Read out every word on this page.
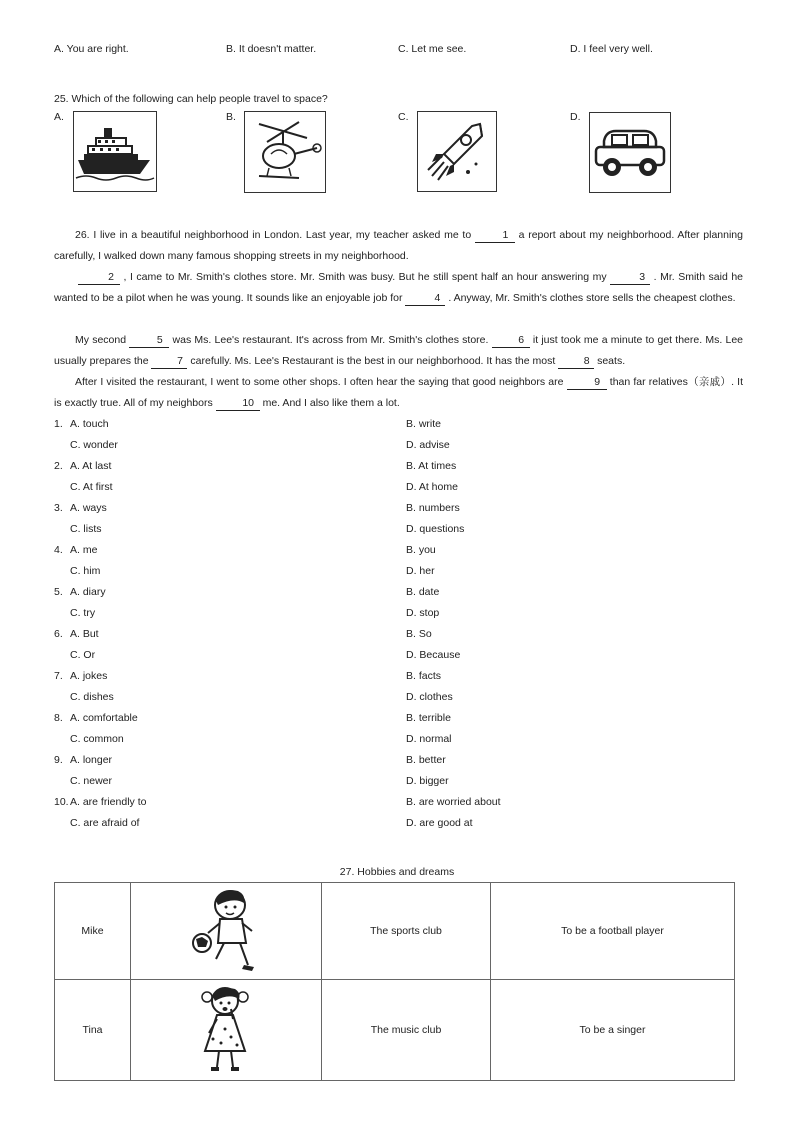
A. You are right.	B. It doesn't matter.	C. Let me see.	D. I feel very well.
25. Which of the following can help people travel to space?
A.	B.	C.	D.
26. I live in a beautiful neighborhood in London. Last year, my teacher asked me to	1 a report about my neighborhood. After planning carefully, I walked down many famous shopping streets in my neighborhood.
2 , I came to Mr. Smith's clothes store. Mr. Smith was busy. But he still spent half an hour answering my	3 . Mr. Smith said he wanted to be a pilot when he was young. It sounds like an enjoyable job for	4 . Anyway, Mr. Smith's clothes store sells the cheapest clothes.
My second	5 was Ms. Lee's restaurant. It's across from Mr. Smith's clothes store.	6 it just took me a minute to get there. Ms. Lee usually prepares the	7 carefully. Ms. Lee's Restaurant is the best in our neighborhood. It has the most	8 seats.
After I visited the restaurant, I went to some other shops. I often hear the saying that good neighbors are	9 than far relatives（亲戚）. It is exactly true. All of my neighbors	10 me. And I also like them a lot.
1. A. touch	B. write
C. wonder	D. advise
2. A. At last	B. At times
C. At first	D. At home
3. A. ways	B. numbers
C. lists	D. questions
4. A. me	B. you
C. him	D. her
5. A. diary	B. date
C. try	D. stop
6. A. But	B. So
C. Or	D. Because
7. A. jokes	B. facts
C. dishes	D. clothes
8. A. comfortable	B. terrible
C. common	D. normal
9. A. longer	B. better
C. newer	D. bigger
10.A. are friendly to	B. are worried about
C. are afraid of	D. are good at
27. Hobbies and dreams
Mike		The sports club	To be a football player
Tina		The music club	To be a singer
